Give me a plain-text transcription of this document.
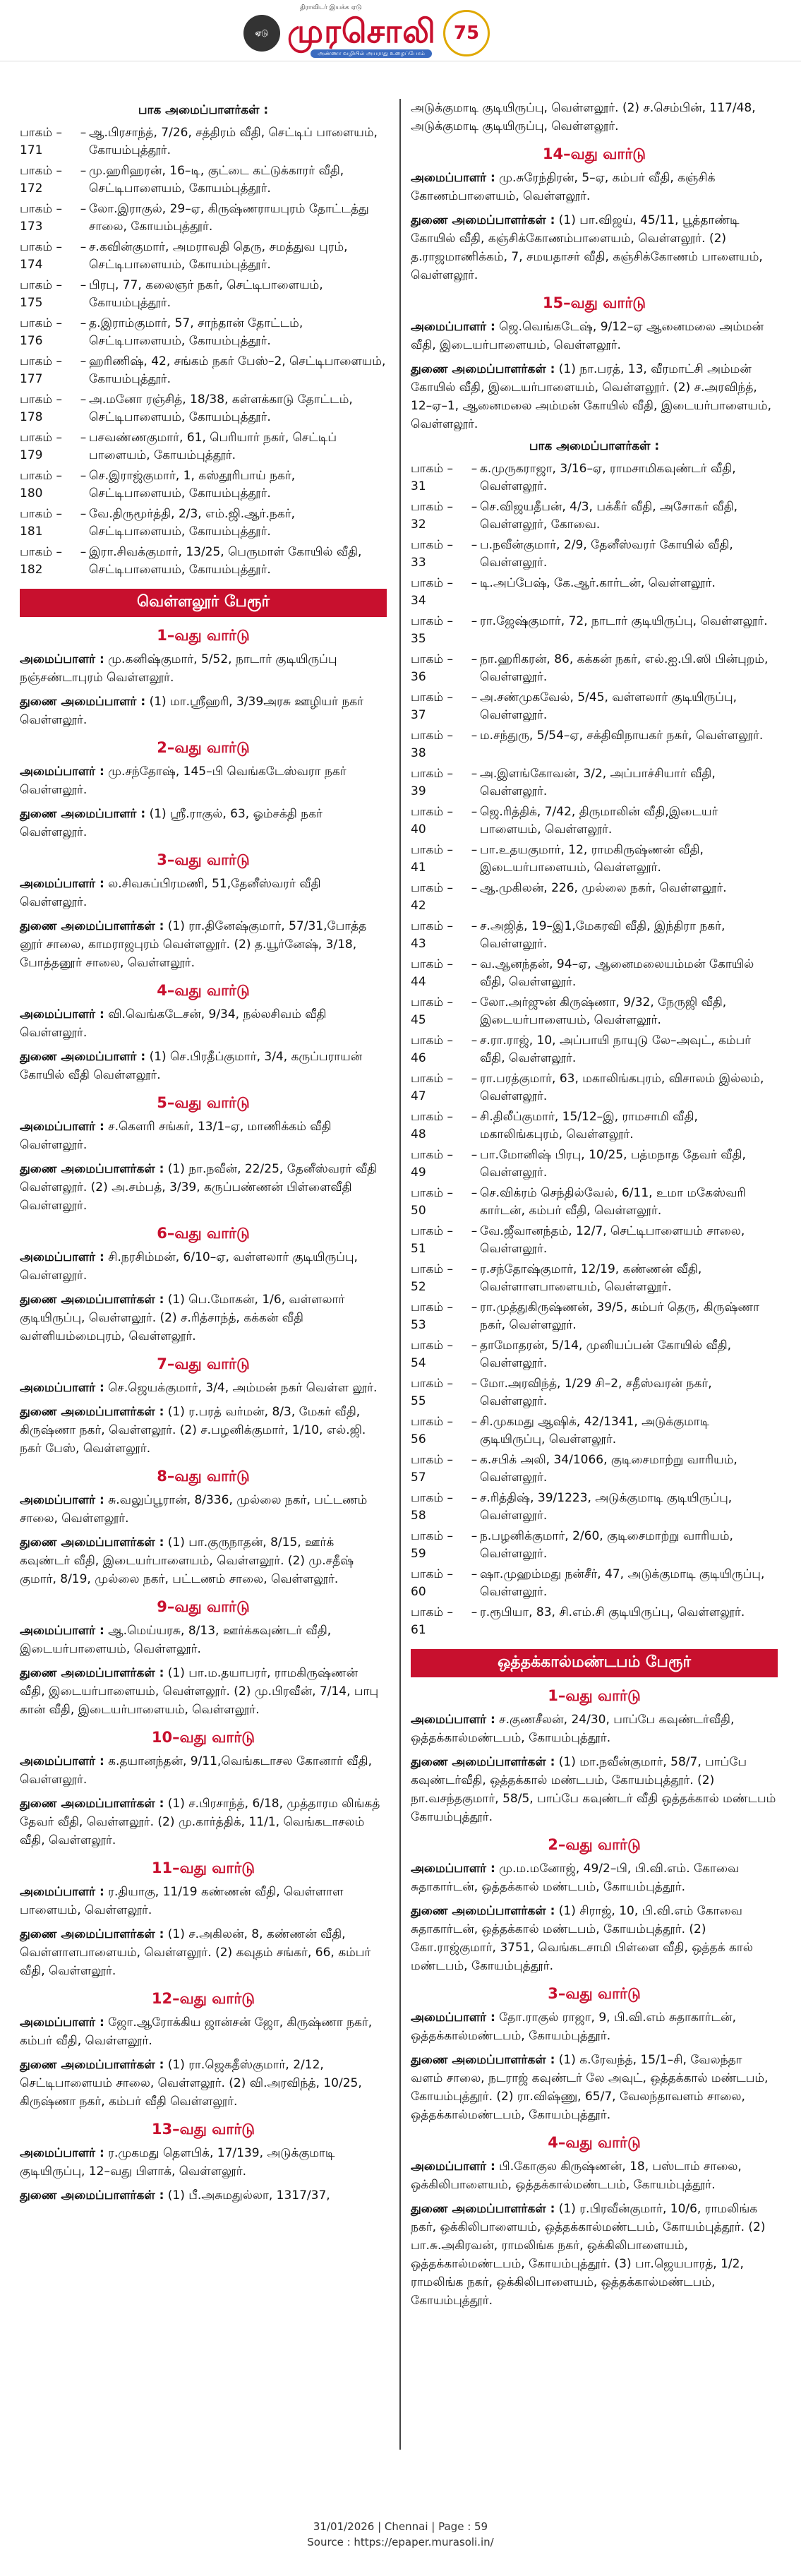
திராவிடர் இயக்க ஏடு
ஏடு முரசொலி 75
அண்ணா வழியில் அயராது உழைப்போம்
பாக அமைப்பாளர்கள் :
பாகம் – 171
– ஆ.பிரசாந்த், 7/26, சத்திரம் வீதி, செட்டிப் பாளையம், கோயம்புத்தூர்.
பாகம் – 172
– மு.ஹரிஹரன், 16–டி, குட்டை கட்டுக்காரர் வீதி, செட்டிபாளையம், கோயம்புத்தூர்.
பாகம் – 173
– லோ.இராகுல், 29–ஏ, கிருஷ்ணராயபுரம் தோட்டத்து சாலை, கோயம்புத்தூர்.
பாகம் – 174
– ச.கவின்குமார், அமராவதி தெரு, சமத்துவ புரம், செட்டிபாளையம், கோயம்புத்தூர்.
பாகம் – 175
– பிரபு, 77, கலைஞர் நகர், செட்டிபாளையம், கோயம்புத்தூர்.
பாகம் – 176
– த.இராம்குமார், 57, சாந்தான் தோட்டம், செட்டிபாளையம், கோயம்புத்தூர்.
பாகம் – 177
– ஹரிணிஷ், 42, சங்கம் நகர் பேஸ்–2, செட்டிபாளையம், கோயம்புத்தூர்.
பாகம் – 178
– அ.மனோ ரஞ்சித், 18/38, கள்ளக்காடு தோட்டம், செட்டிபாளையம், கோயம்புத்தூர்.
பாகம் – 179
– பசவண்ணகுமார், 61, பெரியார் நகர், செட்டிப் பாளையம், கோயம்புத்தூர்.
பாகம் – 180
– செ.இராஜ்குமார், 1, கஸ்தூரிபாய் நகர், செட்டிபாளையம், கோயம்புத்தூர்.
பாகம் – 181
– வே.திருமூர்த்தி, 2/3, எம்.ஜி.ஆர்.நகர், செட்டிபாளையம், கோயம்புத்தூர்.
பாகம் – 182
– இரா.சிவக்குமார், 13/25, பெருமாள் கோயில் வீதி, செட்டிபாளையம், கோயம்புத்தூர்.
வெள்ளலூர் பேரூர்
1–வது வார்டு
அமைப்பாளர் : மு.கனிஷ்குமார், 5/52, நாடார் குடியிருப்பு நஞ்சண்டாபுரம் வெள்ளலூர்.
துணை அமைப்பாளர் : (1) மா.ஸ்ரீஹரி, 3/39அரசு ஊழியர் நகர் வெள்ளலூர்.
2–வது வார்டு
அமைப்பாளர் : மு.சந்தோஷ், 145–பி வெங்கடேஸ்வரா நகர் வெள்ளலூர்.
துணை அமைப்பாளர் : (1) ஸ்ரீ.ராகுல், 63, ஓம்சக்தி நகர் வெள்ளலூர்.
3–வது வார்டு
அமைப்பாளர் : ல.சிவசுப்பிரமணி, 51,தேனீஸ்வரர் வீதி வெள்ளலூர்.
துணை அமைப்பாளர்கள் : (1) ரா.தினேஷ்குமார், 57/31,போத்த னூர் சாலை, காமராஜபுரம் வெள்ளலூர். (2) த.யூர்னேஷ், 3/18, போத்தனூர் சாலை, வெள்ளலூர்.
4–வது வார்டு
அமைப்பாளர் : வி.வெங்கடேசன், 9/34, நல்லசிவம் வீதி வெள்ளலூர்.
துணை அமைப்பாளர் : (1) செ.பிரதீப்குமார், 3/4, கருப்பராயன் கோயில் வீதி வெள்ளலூர்.
5–வது வார்டு
அமைப்பாளர் : ச.கௌரி சங்கர், 13/1–ஏ, மாணிக்கம் வீதி வெள்ளலூர்.
துணை அமைப்பாளர்கள் : (1) நா.நவீன், 22/25, தேனீஸ்வரர் வீதி வெள்ளலூர். (2) அ.சம்பத், 3/39, கருப்பண்ணன் பிள்ளைவீதி வெள்ளலூர்.
6–வது வார்டு
அமைப்பாளர் : சி.நரசிம்மன், 6/10–ஏ, வள்ளலார் குடியிருப்பு, வெள்ளலூர்.
துணை அமைப்பாளர்கள் : (1) பெ.மோகன், 1/6, வள்ளலார் குடியிருப்பு, வெள்ளலூர். (2) ச.ரித்சாந்த், கக்கன் வீதி வள்ளியம்மைபுரம், வெள்ளலூர்.
7–வது வார்டு
அமைப்பாளர் : செ.ஜெயக்குமார், 3/4, அம்மன் நகர் வெள்ள லூர்.
துணை அமைப்பாளர்கள் : (1) ர.பரத் வர்மன், 8/3, மேகர் வீதி, கிருஷ்ணா நகர், வெள்ளலூர். (2) ச.பழனிக்குமார், 1/10, எல்.ஜி. நகர் பேஸ், வெள்ளலூர்.
8–வது வார்டு
அமைப்பாளர் : சு.வலுப்பூரான், 8/336, முல்லை நகர், பட்டணம் சாலை, வெள்ளலூர்.
துணை அமைப்பாளர்கள் : (1) பா.குருநாதன், 8/15, ஊர்க் கவுண்டர் வீதி, இடையர்பாளையம், வெள்ளலூர். (2) மு.சதீஷ் குமார், 8/19, முல்லை நகர், பட்டணம் சாலை, வெள்ளலூர்.
9–வது வார்டு
அமைப்பாளர் : ஆ.மெய்யரசு, 8/13, ஊர்க்கவுண்டர் வீதி, இடையர்பாளையம், வெள்ளலூர்.
துணை அமைப்பாளர்கள் : (1) பா.ம.தயாபரர், ராமகிருஷ்ணன் வீதி, இடையர்பாளையம், வெள்ளலூர். (2) மு.பிரவீன், 7/14, பாபு கான் வீதி, இடையர்பாளையம், வெள்ளலூர்.
10–வது வார்டு
அமைப்பாளர் : க.தயானந்தன், 9/11,வெங்கடாசல கோனார் வீதி, வெள்ளலூர்.
துணை அமைப்பாளர்கள் : (1) ச.பிரசாந்த், 6/18, முத்தாரம லிங்கத் தேவர் வீதி, வெள்ளலூர். (2) மு.கார்த்திக், 11/1, வெங்கடாசலம் வீதி, வெள்ளலூர்.
11–வது வார்டு
அமைப்பாளர் : ர.தியாகு, 11/19 கண்ணன் வீதி, வெள்ளாள பாளையம், வெள்ளலூர்.
துணை அமைப்பாளர்கள் : (1) ச.அகிலன், 8, கண்ணன் வீதி, வெள்ளாளபாளையம், வெள்ளலூர். (2) கவுதம் சங்கர், 66, கம்பர் வீதி, வெள்ளலூர்.
12–வது வார்டு
அமைப்பாளர் : ஜோ.ஆரோக்கிய ஜான்சன் ஜோ, கிருஷ்ணா நகர், கம்பர் வீதி, வெள்ளலூர்.
துணை அமைப்பாளர்கள் : (1) ரா.ஜெகதீஸ்குமார், 2/12, செட்டிபாளையம் சாலை, வெள்ளலூர். (2) வி.அரவிந்த், 10/25, கிருஷ்ணா நகர், கம்பர் வீதி வெள்ளலூர்.
13–வது வார்டு
அமைப்பாளர் : ர.முகமது தௌபிக், 17/139, அடுக்குமாடி குடியிருப்பு, 12–வது பிளாக், வெள்ளலூர்.
துணை அமைப்பாளர்கள் : (1) பீ.அசுமதுல்லா, 1317/37,
அடுக்குமாடி குடியிருப்பு, வெள்ளலூர். (2) ச.செம்பின், 117/48, அடுக்குமாடி குடியிருப்பு, வெள்ளலூர்.
14–வது வார்டு
அமைப்பாளர் : மு.சுரேந்திரன், 5–ஏ, கம்பர் வீதி, கஞ்சிக் கோணம்பாளையம், வெள்ளலூர்.
துணை அமைப்பாளர்கள் : (1) பா.விஜய், 45/11, பூத்தாண்டி கோயில் வீதி, கஞ்சிக்கோணம்பாளையம், வெள்ளலூர். (2) த.ராஜமாணிக்கம், 7, சமயதாசர் வீதி, கஞ்சிக்கோணம் பாளையம், வெள்ளலூர்.
15–வது வார்டு
அமைப்பாளர் : ஜெ.வெங்கடேஷ், 9/12–ஏ ஆனைமலை அம்மன் வீதி, இடையர்பாளையம், வெள்ளலூர்.
துணை அமைப்பாளர்கள் : (1) நா.பரத், 13, வீரமாட்சி அம்மன் கோயில் வீதி, இடையர்பாளையம், வெள்ளலூர். (2) ச.அரவிந்த், 12–ஏ–1, ஆனைமலை அம்மன் கோயில் வீதி, இடையர்பாளையம், வெள்ளலூர்.
பாக அமைப்பாளர்கள் :
பாகம் – 31
– க.முருகராஜா, 3/16–ஏ, ராமசாமிகவுண்டர் வீதி, வெள்ளலூர்.
பாகம் – 32
– செ.விஜயதீபன், 4/3, பக்கீர் வீதி, அசோகர் வீதி, வெள்ளலூர், கோவை.
பாகம் – 33
– ப.நவீன்குமார், 2/9, தேனீஸ்வரர் கோயில் வீதி, வெள்ளலூர்.
பாகம் – 34
– டி.அப்பேஷ், கே.ஆர்.கார்டன், வெள்ளலூர்.
பாகம் – 35
– ரா.ஜேஷ்குமார், 72, நாடார் குடியிருப்பு, வெள்ளலூர்.
பாகம் – 36
– நா.ஹரிகரன், 86, கக்கன் நகர், எல்.ஐ.பி.ஸி பின்புறம், வெள்ளலூர்.
பாகம் – 37
– அ.சண்முகவேல், 5/45, வள்ளலார் குடியிருப்பு, வெள்ளலூர்.
பாகம் – 38
– ம.சந்துரு, 5/54–ஏ, சக்திவிநாயகர் நகர், வெள்ளலூர்.
பாகம் – 39
– அ.இளங்கோவன், 3/2, அப்பாச்சியார் வீதி, வெள்ளலூர்.
பாகம் – 40
– ஜெ.ரித்திக், 7/42, திருமாலின் வீதி,இடையர் பாளையம், வெள்ளலூர்.
பாகம் – 41
– பா.உதயகுமார், 12, ராமகிருஷ்ணன் வீதி, இடையர்பாளையம், வெள்ளலூர்.
பாகம் – 42
– ஆ.முகிலன், 226, முல்லை நகர், வெள்ளலூர்.
பாகம் – 43
– ச.அஜித், 19–இ1,மேகரவி வீதி, இந்திரா நகர், வெள்ளலூர்.
பாகம் – 44
– வ.ஆனந்தன், 94–ஏ, ஆனைமலையம்மன் கோயில் வீதி, வெள்ளலூர்.
பாகம் – 45
– லோ.அர்ஜுன் கிருஷ்ணா, 9/32, நேருஜி வீதி, இடையர்பாளையம், வெள்ளலூர்.
பாகம் – 46
– ச.ரா.ராஜ், 10, அப்பாயி நாயுடு லே–அவுட், கம்பர் வீதி, வெள்ளலூர்.
பாகம் – 47
– ரா.பரத்குமார், 63, மகாலிங்கபுரம், விசாலம் இல்லம், வெள்ளலூர்.
பாகம் – 48
– சி.திலீப்குமார், 15/12–இ, ராமசாமி வீதி, மகாலிங்கபுரம், வெள்ளலூர்.
பாகம் – 49
– பா.மோனிஷ் பிரபு, 10/25, பத்மநாத தேவர் வீதி, வெள்ளலூர்.
பாகம் – 50
– செ.விக்ரம் செந்தில்வேல், 6/11, உமா மகேஸ்வரி கார்டன், கம்பர் வீதி, வெள்ளலூர்.
பாகம் – 51
– வே.ஜீவானந்தம், 12/7, செட்டிபாளையம் சாலை, வெள்ளலூர்.
பாகம் – 52
– ர.சந்தோஷ்குமார், 12/19, கண்ணன் வீதி, வெள்ளாளபாளையம், வெள்ளலூர்.
பாகம் – 53
– ரா.முத்துகிருஷ்ணன், 39/5, கம்பர் தெரு, கிருஷ்ணா நகர், வெள்ளலூர்.
பாகம் – 54
– தாமோதரன், 5/14, முனியப்பன் கோயில் வீதி, வெள்ளலூர்.
பாகம் – 55
– மோ.அரவிந்த், 1/29 சி–2, சதீஸ்வரன் நகர், வெள்ளலூர்.
பாகம் – 56
– சி.முகமது ஆஷிக், 42/1341, அடுக்குமாடி குடியிருப்பு, வெள்ளலூர்.
பாகம் – 57
– க.சபிக் அலி, 34/1066, குடிசைமாற்று வாரியம், வெள்ளலூர்.
பாகம் – 58
– ச.ரித்திஷ், 39/1223, அடுக்குமாடி குடியிருப்பு, வெள்ளலூர்.
பாகம் – 59
– ந.பழனிக்குமார், 2/60, குடிசைமாற்று வாரியம், வெள்ளலூர்.
பாகம் – 60
– ஷா.முஹம்மது நன்சீர், 47, அடுக்குமாடி குடியிருப்பு, வெள்ளலூர்.
பாகம் – 61
– ர.ரூபியா, 83, சி.எம்.சி குடியிருப்பு, வெள்ளலூர்.
ஒத்தக்கால்மண்டபம் பேரூர்
1–வது வார்டு
அமைப்பாளர் : ச.குணசீலன், 24/30, பாப்பே கவுண்டர்வீதி, ஒத்தக்கால்மண்டபம், கோயம்புத்தூர்.
துணை அமைப்பாளர்கள் : (1) மா.நவீன்குமார், 58/7, பாப்பே கவுண்டர்வீதி, ஒத்தக்கால் மண்டபம், கோயம்புத்தூர். (2) நா.வசந்தகுமார், 58/5, பாப்பே கவுண்டர் வீதி ஒத்தக்கால் மண்டபம் கோயம்புத்தூர்.
2–வது வார்டு
அமைப்பாளர் : மு.ம.மனோஜ், 49/2–பி, பி.வி.எம். கோவை சுதாகார்டன், ஒத்தக்கால் மண்டபம், கோயம்புத்தூர்.
துணை அமைப்பாளர்கள் : (1) சிராஜ், 10, பி.வி.எம் கோவை சுதாகார்டன், ஒத்தக்கால் மண்டபம், கோயம்புத்தூர். (2) கோ.ராஜ்குமார், 3751, வெங்கடசாமி பிள்ளை வீதி, ஒத்தக் கால் மண்டபம், கோயம்புத்தூர்.
3–வது வார்டு
அமைப்பாளர் : தோ.ராகுல் ராஜா, 9, பி.வி.எம் சுதாகார்டன், ஒத்தக்கால்மண்டபம், கோயம்புத்தூர்.
துணை அமைப்பாளர்கள் : (1) க.ரேவந்த், 15/1–சி, வேலந்தா வளம் சாலை, நடராஜ் கவுண்டர் லே அவுட், ஒத்தக்கால் மண்டபம், கோயம்புத்தூர். (2) ரா.விஷ்ணு, 65/7, வேலந்தாவளம் சாலை, ஒத்தக்கால்மண்டபம், கோயம்புத்தூர்.
4–வது வார்டு
அமைப்பாளர் : பி.கோகுல கிருஷ்ணன், 18, பஸ்டாம் சாலை, ஒக்கிலிபாளையம், ஒத்தக்கால்மண்டபம், கோயம்புத்தூர்.
துணை அமைப்பாளர்கள் : (1) ர.பிரவீன்குமார், 10/6, ராமலிங்க நகர், ஒக்கிலிபாளையம், ஒத்தக்கால்மண்டபம், கோயம்புத்தூர். (2) பா.சு.அகிரவன், ராமலிங்க நகர், ஒக்கிலிபாளையம், ஒத்தக்கால்மண்டபம், கோயம்புத்தூர். (3) பா.ஜெயபாரத், 1/2, ராமலிங்க நகர், ஒக்கிலிபாளையம், ஒத்தக்கால்மண்டபம், கோயம்புத்தூர்.
31/01/2026 | Chennai | Page : 59
Source : https://epaper.murasoli.in/
